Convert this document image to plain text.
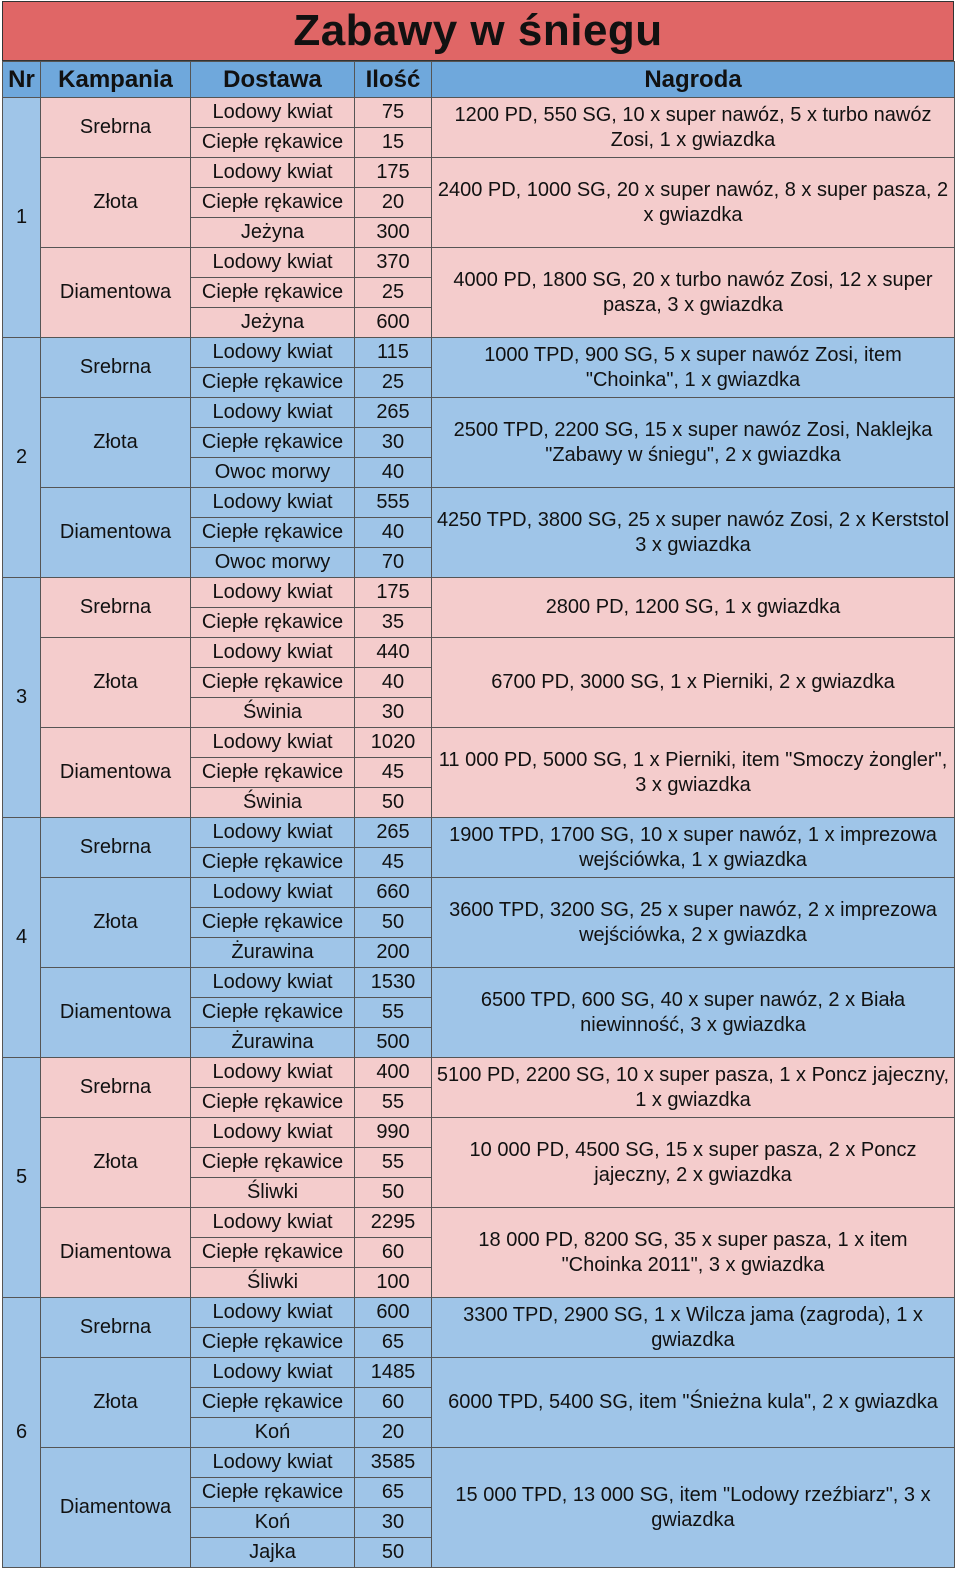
Zabawy w śniegu
Nr	Kampania	Dostawa	Ilość	Nagroda
1	Srebrna	Lodowy kwiat	75	1200 PD, 550 SG, 10 x super nawóz, 5 x turbo nawóz Zosi, 1 x gwiazdka
		Ciepłe rękawice	15	
	Złota	Lodowy kwiat	175	2400 PD, 1000 SG, 20 x super nawóz, 8 x super pasza, 2 x gwiazdka
		Ciepłe rękawice	20	
		Jeżyna	300	
	Diamentowa	Lodowy kwiat	370	4000 PD, 1800 SG, 20 x turbo nawóz Zosi, 12 x super pasza, 3 x gwiazdka
		Ciepłe rękawice	25	
		Jeżyna	600	
2	Srebrna	Lodowy kwiat	115	1000 TPD, 900 SG, 5 x super nawóz Zosi, item "Choinka", 1 x gwiazdka
		Ciepłe rękawice	25	
	Złota	Lodowy kwiat	265	2500 TPD, 2200 SG, 15 x super nawóz Zosi, Naklejka "Zabawy w śniegu", 2 x gwiazdka
		Ciepłe rękawice	30	
		Owoc morwy	40	
	Diamentowa	Lodowy kwiat	555	4250 TPD, 3800 SG, 25 x super nawóz Zosi, 2 x Kerststol 3 x gwiazdka
		Ciepłe rękawice	40	
		Owoc morwy	70	
3	Srebrna	Lodowy kwiat	175	2800 PD, 1200 SG, 1 x gwiazdka
		Ciepłe rękawice	35	
	Złota	Lodowy kwiat	440	6700 PD, 3000 SG, 1 x Pierniki, 2 x gwiazdka
		Ciepłe rękawice	40	
		Świnia	30	
	Diamentowa	Lodowy kwiat	1020	11 000 PD, 5000 SG, 1 x Pierniki, item "Smoczy żongler", 3 x gwiazdka
		Ciepłe rękawice	45	
		Świnia	50	
4	Srebrna	Lodowy kwiat	265	1900 TPD, 1700 SG, 10 x super nawóz, 1 x imprezowa wejściówka, 1 x gwiazdka
		Ciepłe rękawice	45	
	Złota	Lodowy kwiat	660	3600 TPD, 3200 SG, 25 x super nawóz, 2 x imprezowa wejściówka, 2 x gwiazdka
		Ciepłe rękawice	50	
		Żurawina	200	
	Diamentowa	Lodowy kwiat	1530	6500 TPD, 600 SG, 40 x super nawóz, 2 x Biała niewinność, 3 x gwiazdka
		Ciepłe rękawice	55	
		Żurawina	500	
5	Srebrna	Lodowy kwiat	400	5100 PD, 2200 SG, 10 x super pasza, 1 x Poncz jajeczny, 1 x gwiazdka
		Ciepłe rękawice	55	
	Złota	Lodowy kwiat	990	10 000 PD, 4500 SG, 15 x super pasza, 2 x Poncz jajeczny, 2 x gwiazdka
		Ciepłe rękawice	55	
		Śliwki	50	
	Diamentowa	Lodowy kwiat	2295	18 000 PD, 8200 SG, 35 x super pasza, 1 x item "Choinka 2011", 3 x gwiazdka
		Ciepłe rękawice	60	
		Śliwki	100	
6	Srebrna	Lodowy kwiat	600	3300 TPD, 2900 SG, 1 x Wilcza jama (zagroda), 1 x gwiazdka
		Ciepłe rękawice	65	
	Złota	Lodowy kwiat	1485	6000 TPD, 5400 SG, item "Śnieżna kula", 2 x gwiazdka
		Ciepłe rękawice	60	
		Koń	20	
	Diamentowa	Lodowy kwiat	3585	15 000 TPD, 13 000 SG, item "Lodowy rzeźbiarz", 3 x gwiazdka
		Ciepłe rękawice	65	
		Koń	30	
		Jajka	50	
